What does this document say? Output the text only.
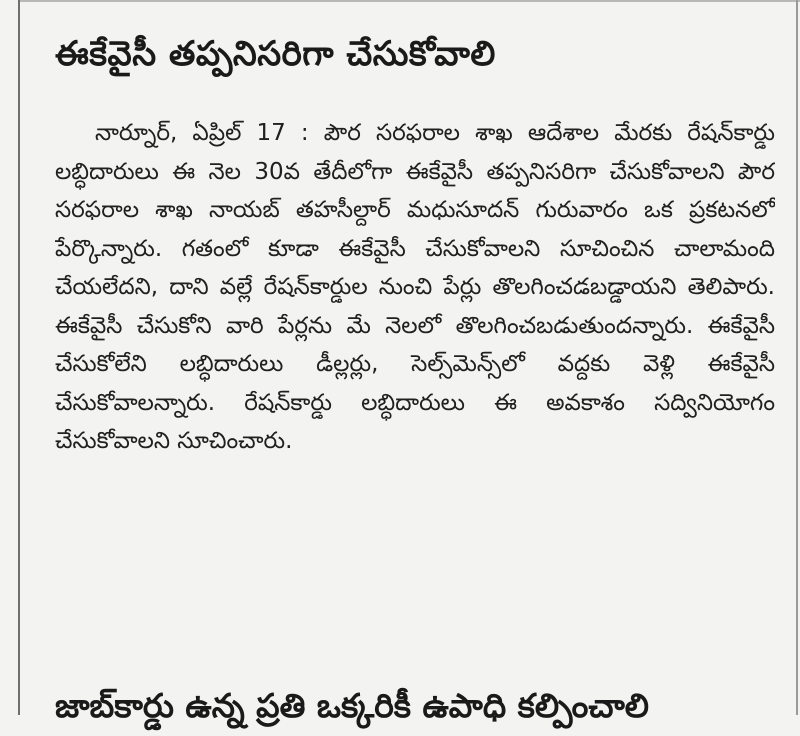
ఈకేవైసీ తప్పనిసరిగా చేసుకోవాలి

నార్నూర్, ఏప్రిల్ 17 : పౌర సరఫరాల శాఖ ఆదేశాల మేరకు రేషన్‌కార్డు లబ్ధిదారులు ఈ నెల 30వ తేదీలోగా ఈకేవైసీ తప్పనిసరిగా చేసుకోవాలని పౌర సరఫరాల శాఖ నాయబ్ తహసీల్దార్ మధుసూదన్ గురువారం ఒక ప్రకటనలో పేర్కొన్నారు. గతంలో కూడా ఈకేవైసీ చేసుకోవాలని సూచించిన చాలామంది చేయలేదని, దాని వల్లే రేషన్‌కార్డుల నుంచి పేర్లు తొలగించడబడ్డాయని తెలిపారు. ఈకేవైసీ చేసుకోని వారి పేర్లను మే నెలలో తొలగించబడుతుందన్నారు. ఈకేవైసీ చేసుకోలేని లబ్ధిదారులు డీల్లర్లు, సెల్స్‌మెన్స్‌లో వద్దకు వెళ్లి ఈకేవైసీ చేసుకోవాలన్నారు. రేషన్‌కార్డు లబ్ధిదారులు ఈ అవకాశం సద్వినియోగం చేసుకోవాలని సూచించారు.

జాబ్‌కార్డు ఉన్న ప్రతి ఒక్కరికీ ఉపాధి కల్పించాలి
